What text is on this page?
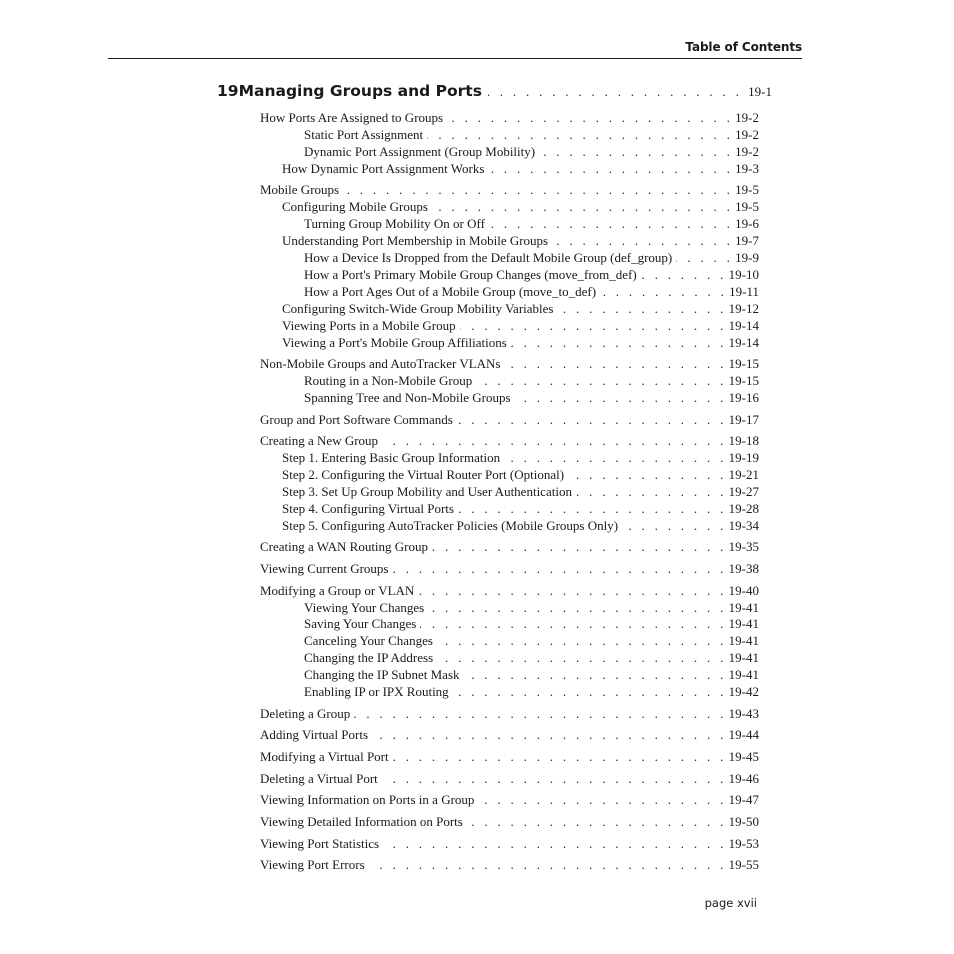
Table of Contents
19 Managing Groups and Ports . . .	19-1
How Ports Are Assigned to Groups . . .	19-2
Static Port Assignment . . .	19-2
Dynamic Port Assignment (Group Mobility) . . .	19-2
How Dynamic Port Assignment Works . . .	19-3
Mobile Groups . . .	19-5
Configuring Mobile Groups . . .	19-5
Turning Group Mobility On or Off . . .	19-6
Understanding Port Membership in Mobile Groups . . .	19-7
How a Device Is Dropped from the Default Mobile Group (def_group) . . .	19-9
How a Port's Primary Mobile Group Changes (move_from_def) . . .	19-10
How a Port Ages Out of a Mobile Group (move_to_def) . . .	19-11
Configuring Switch-Wide Group Mobility Variables . . .	19-12
Viewing Ports in a Mobile Group . . .	19-14
Viewing a Port's Mobile Group Affiliations . . .	19-14
Non-Mobile Groups and AutoTracker VLANs . . .	19-15
Routing in a Non-Mobile Group . . .	19-15
Spanning Tree and Non-Mobile Groups . . .	19-16
Group and Port Software Commands . . .	19-17
Creating a New Group . . .	19-18
Step 1. Entering Basic Group Information . . .	19-19
Step 2. Configuring the Virtual Router Port (Optional) . . .	19-21
Step 3. Set Up Group Mobility and User Authentication . . .	19-27
Step 4. Configuring Virtual Ports . . .	19-28
Step 5. Configuring AutoTracker Policies (Mobile Groups Only) . . .	19-34
Creating a WAN Routing Group . . .	19-35
Viewing Current Groups . . .	19-38
Modifying a Group or VLAN . . .	19-40
Viewing Your Changes . . .	19-41
Saving Your Changes . . .	19-41
Canceling Your Changes . . .	19-41
Changing the IP Address . . .	19-41
Changing the IP Subnet Mask . . .	19-41
Enabling IP or IPX Routing . . .	19-42
Deleting a Group . . .	19-43
Adding Virtual Ports . . .	19-44
Modifying a Virtual Port . . .	19-45
Deleting a Virtual Port . . .	19-46
Viewing Information on Ports in a Group . . .	19-47
Viewing Detailed Information on Ports . . .	19-50
Viewing Port Statistics . . .	19-53
Viewing Port Errors . . .	19-55
page xvii
